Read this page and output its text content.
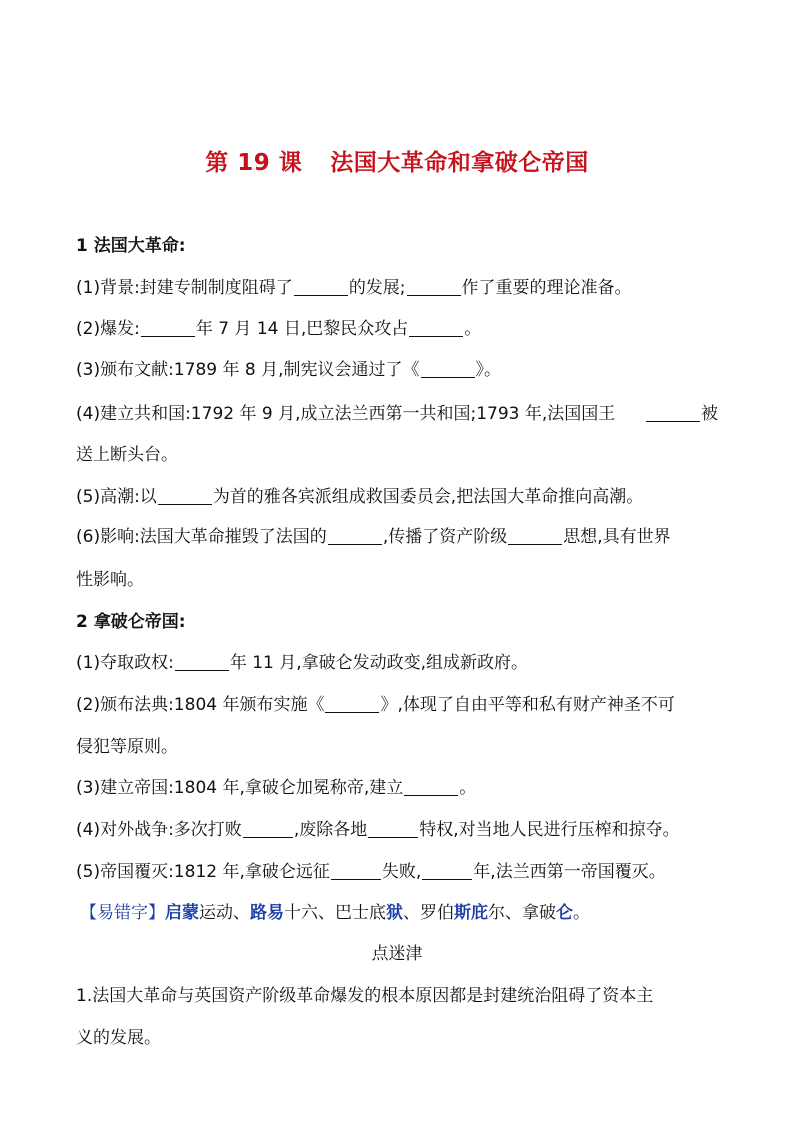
第 19 课 法国大革命和拿破仑帝国
1 法国大革命:
(1)背景:封建专制制度阻碍了	的发展;	作了重要的理论准备。
(2)爆发:	年 7 月 14 日,巴黎民众攻占	。
(3)颁布文献:1789 年 8 月,制宪议会通过了《	》。
(4)建立共和国:1792 年 9 月,成立法兰西第一共和国;1793 年,法国国王	被
送上断头台。
(5)高潮:以	为首的雅各宾派组成救国委员会,把法国大革命推向高潮。
(6)影响:法国大革命摧毁了法国的	,传播了资产阶级	思想,具有世界
性影响。
2 拿破仑帝国:
(1)夺取政权:	年 11 月,拿破仑发动政变,组成新政府。
(2)颁布法典:1804 年颁布实施《	》,体现了自由平等和私有财产神圣不可
侵犯等原则。
(3)建立帝国:1804 年,拿破仑加冕称帝,建立	。
(4)对外战争:多次打败	,废除各地	特权,对当地人民进行压榨和掠夺。
(5)帝国覆灭:1812 年,拿破仑远征	失败,	年,法兰西第一帝国覆灭。
【易错字】启蒙运动、路易十六、巴士底狱、罗伯斯庇尔、拿破仑。
点迷津
1.法国大革命与英国资产阶级革命爆发的根本原因都是封建统治阻碍了资本主
义的发展。
